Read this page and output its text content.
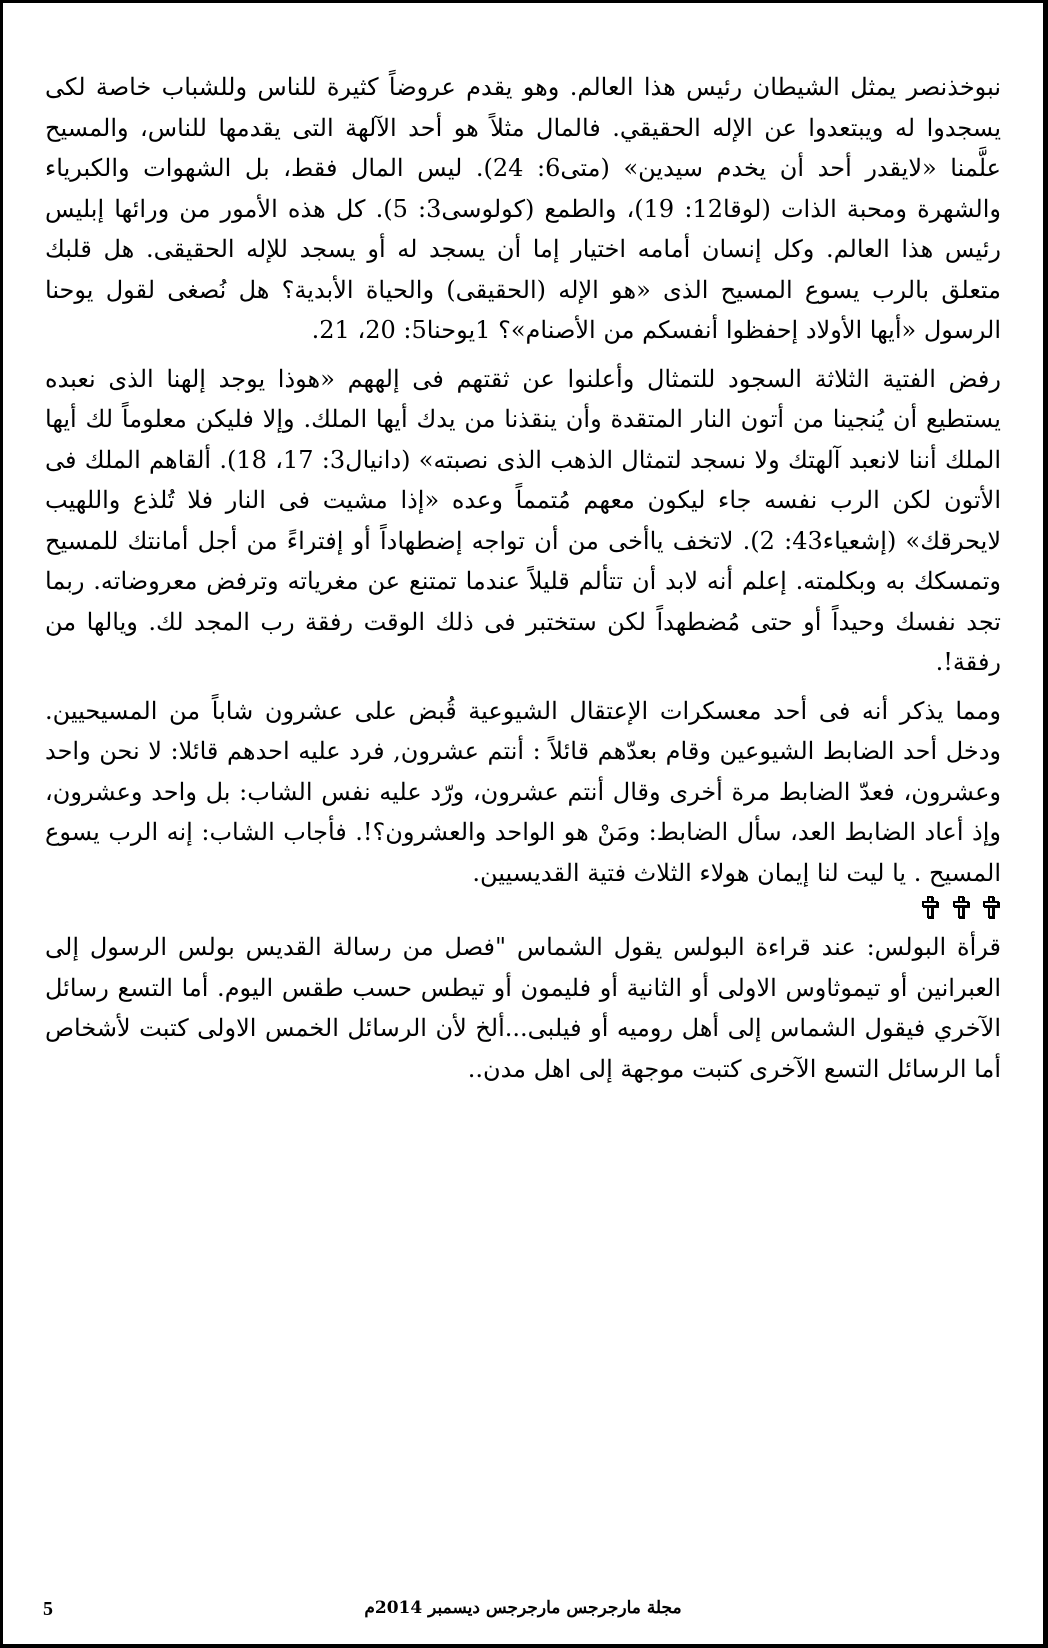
نبوخذنصر يمثل الشيطان رئيس هذا العالم. وهو يقدم عروضاً كثيرة للناس وللشباب خاصة لكى يسجدوا له ويبتعدوا عن الإله الحقيقي. فالمال مثلاً هو أحد الآلهة التى يقدمها للناس، والمسيح علَّمنا «لايقدر أحد أن يخدم سيدين» (متى6: 24). ليس المال فقط، بل الشهوات والكبرياء والشهرة ومحبة الذات (لوقا12: 19)، والطمع (كولوسى3: 5). كل هذه الأمور من ورائها إبليس رئيس هذا العالم. وكل إنسان أمامه اختيار إما أن يسجد له أو يسجد للإله الحقيقى. هل قلبك متعلق بالرب يسوع المسيح الذى «هو الإله (الحقيقى) والحياة الأبدية؟ هل نُصغى لقول يوحنا الرسول «أيها الأولاد إحفظوا أنفسكم من الأصنام»؟ 1يوحنا5: 20، 21.

رفض الفتية الثلاثة السجود للتمثال وأعلنوا عن ثقتهم فى إلههم «هوذا يوجد إلهنا الذى نعبده يستطيع أن يُنجينا من أتون النار المتقدة وأن ينقذنا من يدك أيها الملك. وإلا فليكن معلوماً لك أيها الملك أننا لانعبد آلهتك ولا نسجد لتمثال الذهب الذى نصبته» (دانيال3: 17، 18). ألقاهم الملك فى الأتون لكن الرب نفسه جاء ليكون معهم مُتمماً وعده «إذا مشيت فى النار فلا تُلذع واللهيب لايحرقك» (إشعياء43: 2). لاتخف ياأخى من أن تواجه إضطهاداً أو إفتراءً من أجل أمانتك للمسيح وتمسكك به وبكلمته. إعلم أنه لابد أن تتألم قليلاً عندما تمتنع عن مغرياته وترفض معروضاته. ربما تجد نفسك وحيداً أو حتى مُضطهداً لكن ستختبر فى ذلك الوقت رفقة رب المجد لك. ويالها من رفقة!.

ومما يذكر أنه فى أحد معسكرات الإعتقال الشيوعية قُبض على عشرون شاباً من المسيحيين. ودخل أحد الضابط الشيوعين وقام بعدّهم قائلاً : أنتم عشرون, فرد عليه احدهم قائلا: لا نحن واحد وعشرون، فعدّ الضابط مرة أخرى وقال أنتم عشرون، ورّد عليه نفس الشاب: بل واحد وعشرون، وإذ أعاد الضابط العد، سأل الضابط: ومَنْ هو الواحد والعشرون؟!. فأجاب الشاب: إنه الرب يسوع المسيح . يا ليت لنا إيمان هولاء الثلاث فتية القديسيين.

قرأة البولس: عند قراءة البولس يقول الشماس "فصل من رسالة القديس بولس الرسول إلى العبرانين أو تيموثاوس الاولى أو الثانية أو فليمون أو تيطس حسب طقس اليوم. أما التسع رسائل الآخري فيقول الشماس إلى أهل روميه أو فيلبى...ألخ لأن الرسائل الخمس الاولى كتبت لأشخاص أما الرسائل التسع الآخرى كتبت موجهة إلى اهل مدن..

5	مجلة مارجرجس مارجرجس ديسمبر 2014م
